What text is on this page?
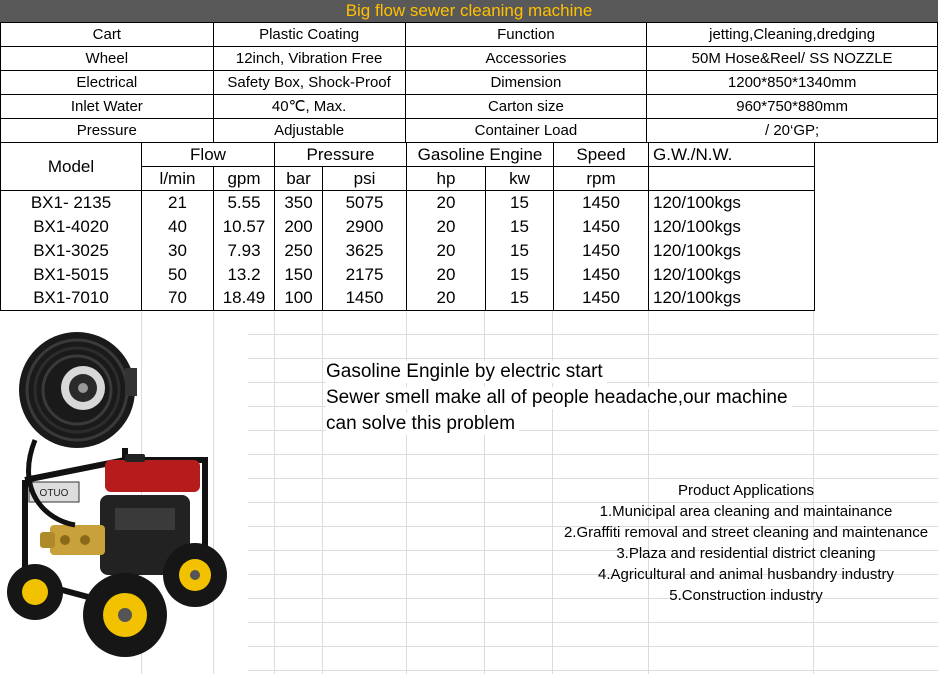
Big flow sewer cleaning machine
Cart	Plastic Coating	Function	jetting,Cleaning,dredging
Wheel	12inch, Vibration Free	Accessories	50M Hose&Reel/ SS NOZZLE
Electrical	Safety Box, Shock-Proof	Dimension	1200*850*1340mm
Inlet Water	40℃, Max.	Carton size	960*750*880mm
Pressure	Adjustable	Container Load	/ 20‘GP;
Model	Flow		Pressure		Gasoline Engine		Speed	G.W./N.W.
	l/min	gpm	bar	psi	hp	kw	rpm	
BX1- 2135	21	5.55	350	5075	20	15	1450	120/100kgs
BX1-4020	40	10.57	200	2900	20	15	1450	120/100kgs
BX1-3025	30	7.93	250	3625	20	15	1450	120/100kgs
BX1-5015	50	13.2	150	2175	20	15	1450	120/100kgs
BX1-7010	70	18.49	100	1450	20	15	1450	120/100kgs
OTUO
Gasoline Enginle by electric start
Sewer smell make all of people headache,our machine
can solve this problem
Product Applications
1.Municipal area cleaning and maintainance
2.Graffiti removal and street cleaning and maintenance
3.Plaza and residential district cleaning
4.Agricultural and animal husbandry industry
5.Construction industry
